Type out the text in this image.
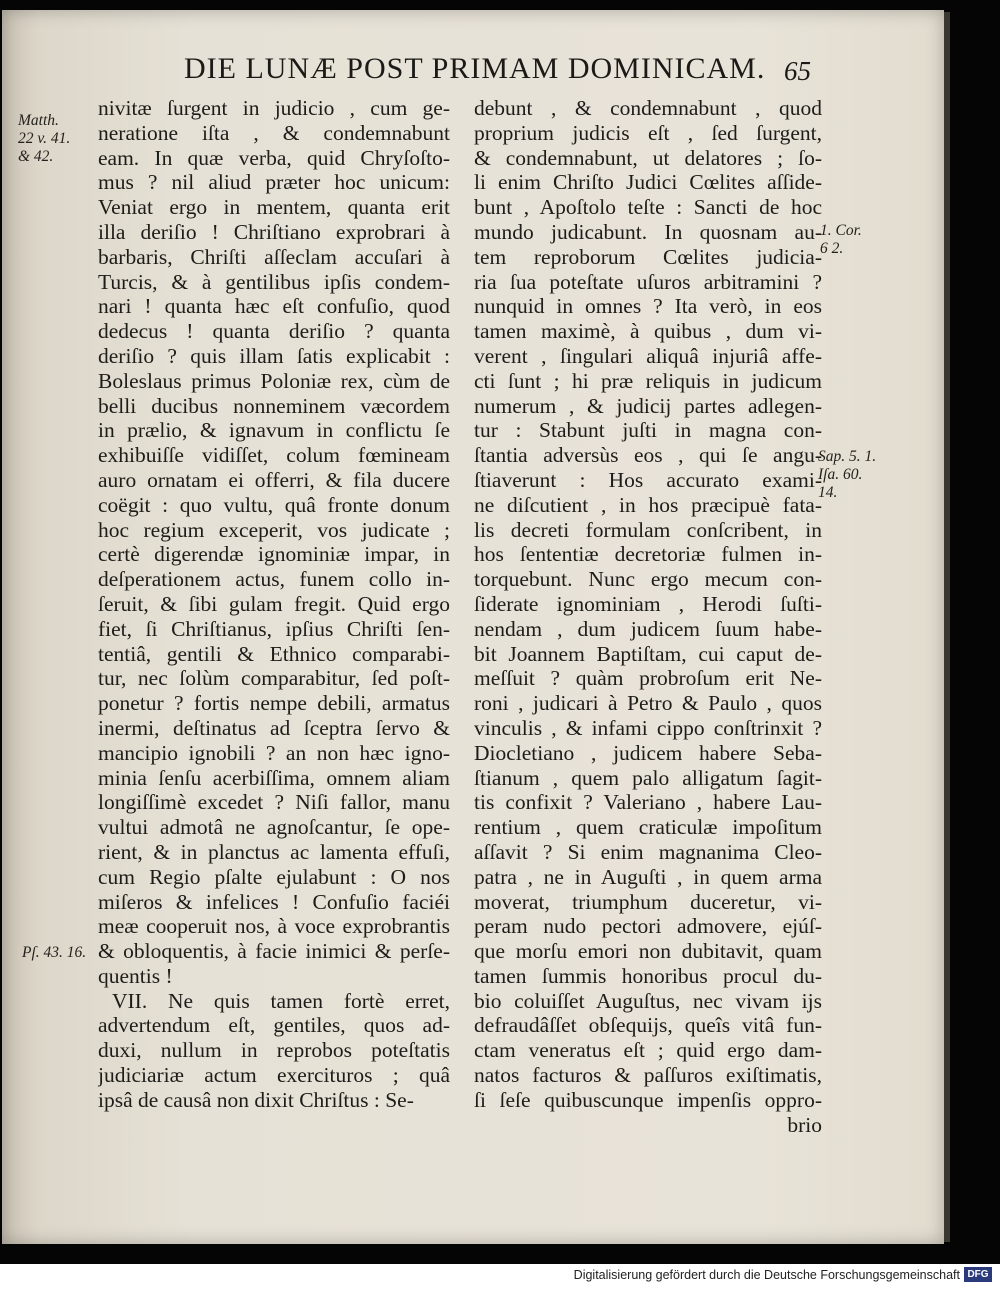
DIE LUNÆ POST PRIMAM DOMINICAM. 65
nivitæ ſurgent in judicio , cum ge-
neratione iſta , & condemnabunt
eam. In quæ verba, quid Chryſoſto-
mus ? nil aliud præter hoc unicum:
Veniat ergo in mentem, quanta erit
illa deriſio ! Chriſtiano exprobrari à
barbaris, Chriſti aſſeclam accuſari à
Turcis, & à gentilibus ipſis condem-
nari ! quanta hæc eſt confuſio, quod
dedecus ! quanta deriſio ? quanta
deriſio ? quis illam ſatis explicabit :
Boleslaus primus Poloniæ rex, cùm de
belli ducibus nonneminem væcordem
in prælio, & ignavum in conflictu ſe
exhibuiſſe vidiſſet, colum fœmineam
auro ornatam ei offerri, & fila ducere
coëgit : quo vultu, quâ fronte donum
hoc regium exceperit, vos judicate ;
certè digerendæ ignominiæ impar, in
deſperationem actus, funem collo in-
ſeruit, & ſibi gulam fregit. Quid ergo
fiet, ſi Chriſtianus, ipſius Chriſti ſen-
tentiâ, gentili & Ethnico comparabi-
tur, nec ſolùm comparabitur, ſed poſt-
ponetur ? fortis nempe debili, armatus
inermi, deſtinatus ad ſceptra ſervo &
mancipio ignobili ? an non hæc igno-
minia ſenſu acerbiſſima, omnem aliam
longiſſimè excedet ? Niſi fallor, manu
vultui admotâ ne agnoſcantur, ſe ope-
rient, & in planctus ac lamenta effuſi,
cum Regio pſalte ejulabunt : O nos
miſeros & infelices ! Confuſio faciéi
meæ cooperuit nos, à voce exprobrantis
& obloquentis, à facie inimici & perſe-
quentis !
VII. Ne quis tamen fortè erret,
advertendum eſt, gentiles, quos ad-
duxi, nullum in reprobos poteſtatis
judiciariæ actum exercituros ; quâ
ipsâ de causâ non dixit Chriſtus : Se-
debunt , & condemnabunt , quod
proprium judicis eſt , ſed ſurgent,
& condemnabunt, ut delatores ; ſo-
li enim Chriſto Judici Cœlites aſſide-
bunt , Apoſtolo teſte : Sancti de hoc
mundo judicabunt. In quosnam au-
tem reproborum Cœlites judicia-
ria ſua poteſtate uſuros arbitramini ?
nunquid in omnes ? Ita verò, in eos
tamen maximè, à quibus , dum vi-
verent , ſingulari aliquâ injuriâ affe-
cti ſunt ; hi præ reliquis in judicum
numerum , & judicij partes adlegen-
tur : Stabunt juſti in magna con-
ſtantia adversùs eos , qui ſe angu-
ſtiaverunt : Hos accurato exami-
ne diſcutient , in hos præcipuè fata-
lis decreti formulam conſcribent, in
hos ſententiæ decretoriæ fulmen in-
torquebunt. Nunc ergo mecum con-
ſiderate ignominiam , Herodi ſuſti-
nendam , dum judicem ſuum habe-
bit Joannem Baptiſtam, cui caput de-
meſſuit ? quàm probroſum erit Ne-
roni , judicari à Petro & Paulo , quos
vinculis , & infami cippo conſtrinxit ?
Diocletiano , judicem habere Seba-
ſtianum , quem palo alligatum ſagit-
tis confixit ? Valeriano , habere Lau-
rentium , quem craticulæ impoſitum
aſſavit ? Si enim magnanima Cleo-
patra , ne in Auguſti , in quem arma
moverat, triumphum duceretur, vi-
peram nudo pectori admovere, ejúſ-
que morſu emori non dubitavit, quam
tamen ſummis honoribus procul du-
bio coluiſſet Auguſtus, nec vivam ijs
defraudâſſet obſequijs, queîs vitâ fun-
ctam veneratus eſt ; quid ergo dam-
natos facturos & paſſuros exiſtimatis,
ſi ſeſe quibuscunque impenſis oppro-
brio
Matth.
22 v. 41.
& 42.
1. Cor.
6 2.
Sap. 5. 1.
Iſa. 60.
14.
Pſ. 43. 16.
Digitalisierung gefördert durch die Deutsche Forschungsgemeinschaft DFG
